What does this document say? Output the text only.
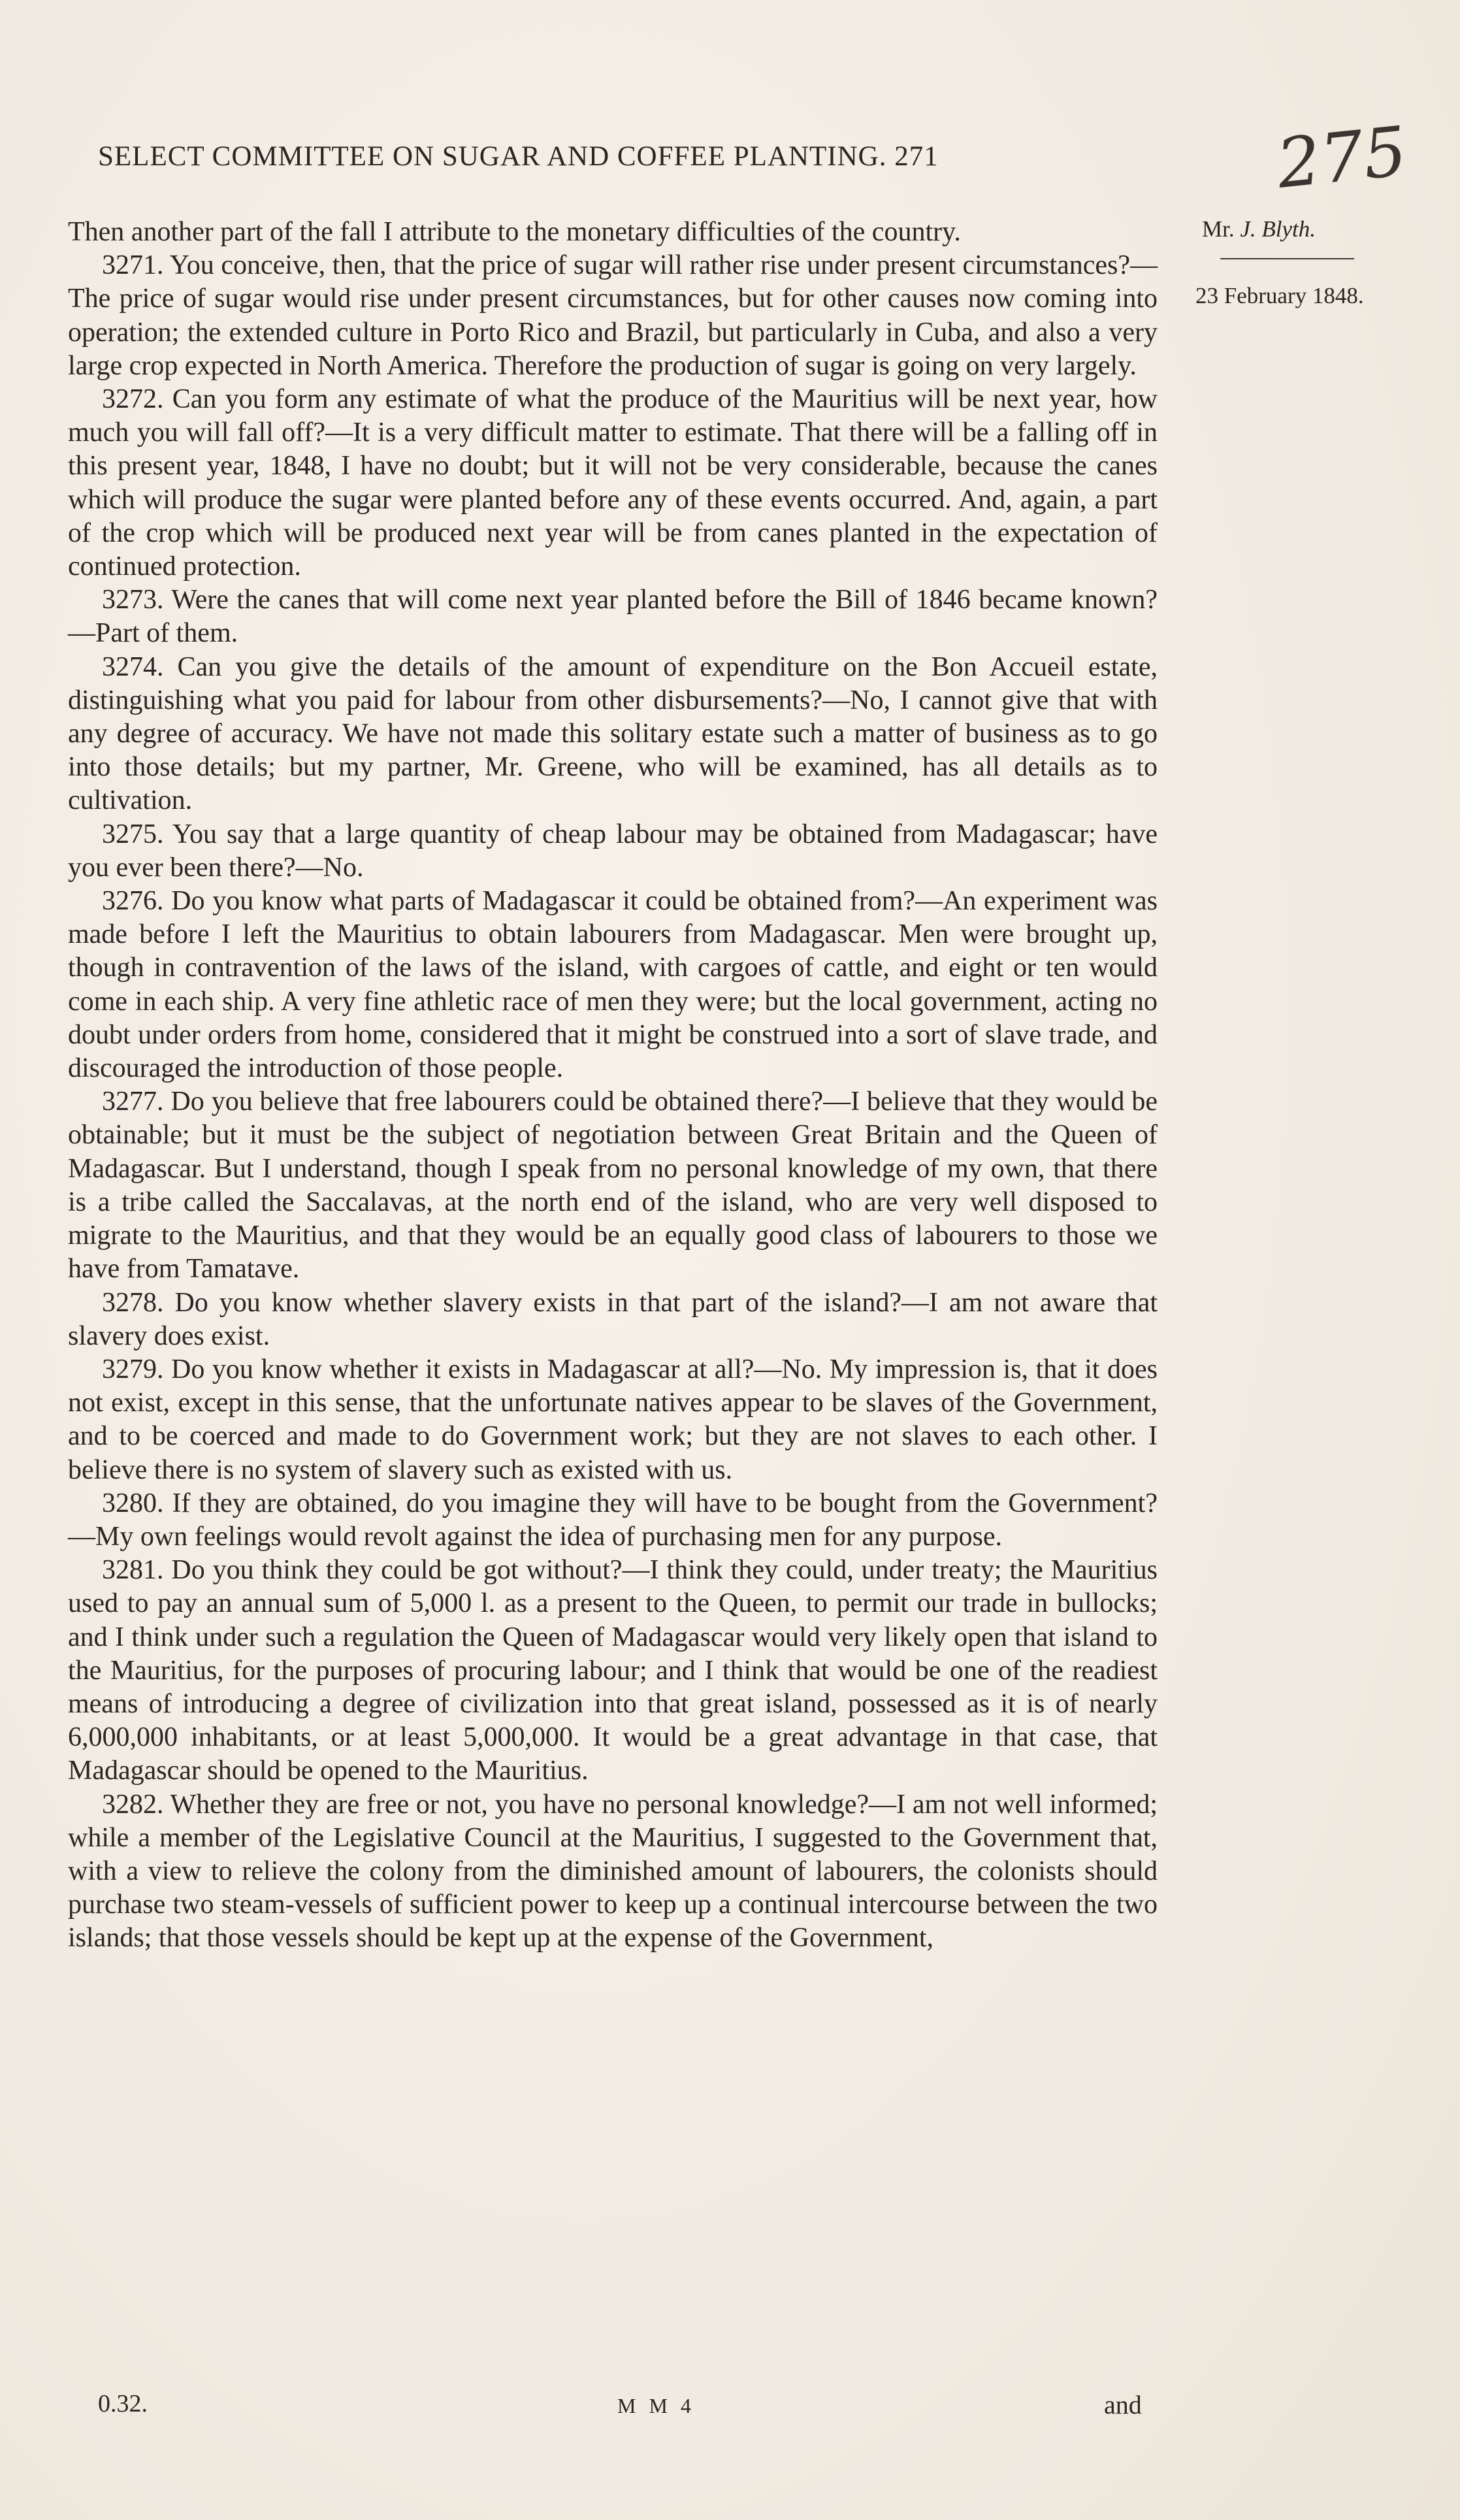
SELECT COMMITTEE ON SUGAR AND COFFEE PLANTING. 271	275
Mr. J. Blyth.
23 February 1848.

Then another part of the fall I attribute to the monetary difficulties of the country.

3271. You conceive, then, that the price of sugar will rather rise under present circumstances?—The price of sugar would rise under present circumstances, but for other causes now coming into operation; the extended culture in Porto Rico and Brazil, but particularly in Cuba, and also a very large crop expected in North America. Therefore the production of sugar is going on very largely.

3272. Can you form any estimate of what the produce of the Mauritius will be next year, how much you will fall off?—It is a very difficult matter to estimate. That there will be a falling off in this present year, 1848, I have no doubt; but it will not be very considerable, because the canes which will produce the sugar were planted before any of these events occurred. And, again, a part of the crop which will be produced next year will be from canes planted in the expectation of continued protection.

3273. Were the canes that will come next year planted before the Bill of 1846 became known?—Part of them.

3274. Can you give the details of the amount of expenditure on the Bon Accueil estate, distinguishing what you paid for labour from other disbursements?—No, I cannot give that with any degree of accuracy. We have not made this solitary estate such a matter of business as to go into those details; but my partner, Mr. Greene, who will be examined, has all details as to cultivation.

3275. You say that a large quantity of cheap labour may be obtained from Madagascar; have you ever been there?—No.

3276. Do you know what parts of Madagascar it could be obtained from?—An experiment was made before I left the Mauritius to obtain labourers from Madagascar. Men were brought up, though in contravention of the laws of the island, with cargoes of cattle, and eight or ten would come in each ship. A very fine athletic race of men they were; but the local government, acting no doubt under orders from home, considered that it might be construed into a sort of slave trade, and discouraged the introduction of those people.

3277. Do you believe that free labourers could be obtained there?—I believe that they would be obtainable; but it must be the subject of negotiation between Great Britain and the Queen of Madagascar. But I understand, though I speak from no personal knowledge of my own, that there is a tribe called the Saccalavas, at the north end of the island, who are very well disposed to migrate to the Mauritius, and that they would be an equally good class of labourers to those we have from Tamatave.

3278. Do you know whether slavery exists in that part of the island?—I am not aware that slavery does exist.

3279. Do you know whether it exists in Madagascar at all?—No. My impression is, that it does not exist, except in this sense, that the unfortunate natives appear to be slaves of the Government, and to be coerced and made to do Government work; but they are not slaves to each other. I believe there is no system of slavery such as existed with us.

3280. If they are obtained, do you imagine they will have to be bought from the Government?—My own feelings would revolt against the idea of purchasing men for any purpose.

3281. Do you think they could be got without?—I think they could, under treaty; the Mauritius used to pay an annual sum of 5,000 l. as a present to the Queen, to permit our trade in bullocks; and I think under such a regulation the Queen of Madagascar would very likely open that island to the Mauritius, for the purposes of procuring labour; and I think that would be one of the readiest means of introducing a degree of civilization into that great island, possessed as it is of nearly 6,000,000 inhabitants, or at least 5,000,000. It would be a great advantage in that case, that Madagascar should be opened to the Mauritius.

3282. Whether they are free or not, you have no personal knowledge?—I am not well informed; while a member of the Legislative Council at the Mauritius, I suggested to the Government that, with a view to relieve the colony from the diminished amount of labourers, the colonists should purchase two steam-vessels of sufficient power to keep up a continual intercourse between the two islands; that those vessels should be kept up at the expense of the Government,

0.32.	M M 4	and
